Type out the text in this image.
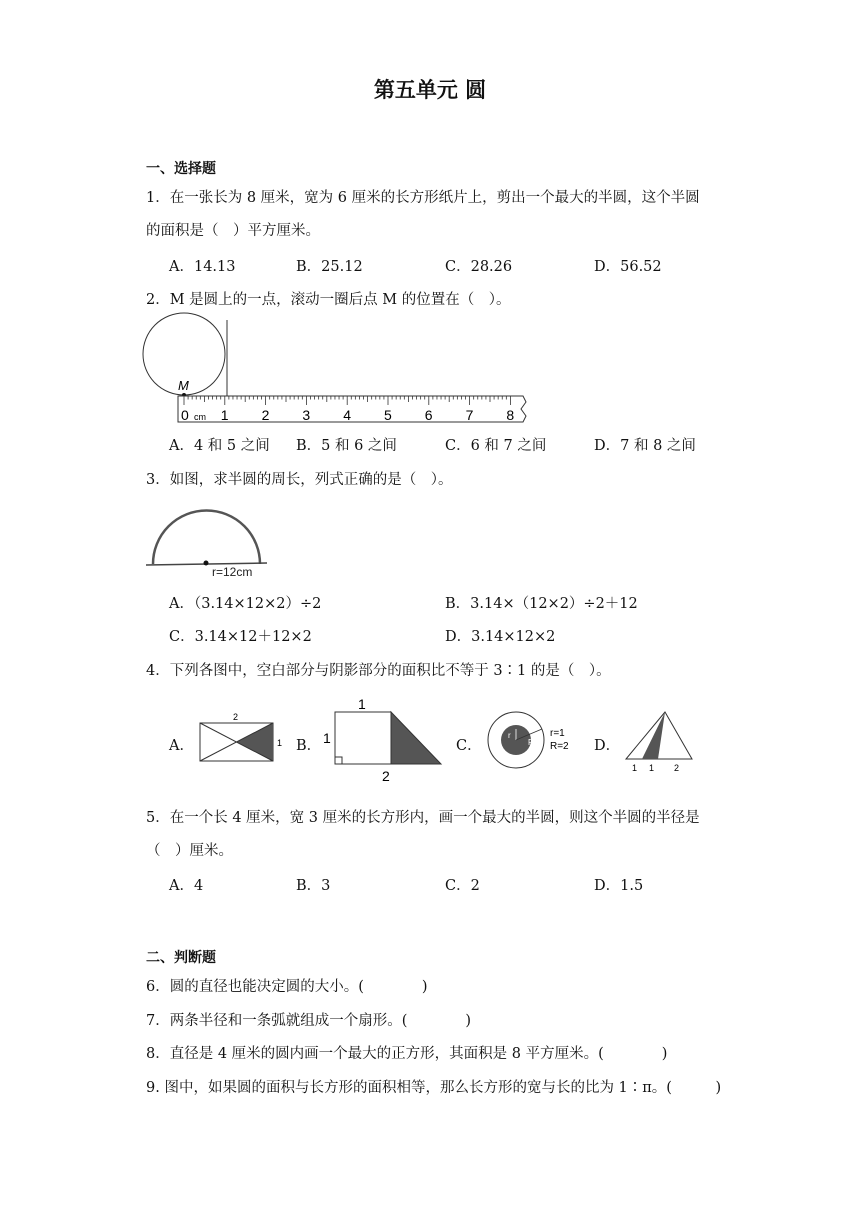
第五单元 圆
一、选择题
1．在一张长为 8 厘米，宽为 6 厘米的长方形纸片上，剪出一个最大的半圆，这个半圆
的面积是（　）平方厘米。
A．14.13	B．25.12	C．28.26	D．56.52
2．M 是圆上的一点，滚动一圈后点 M 的位置在（　）。
M
cm
0 1 2 3 4 5 6 7 8
A．4 和 5 之间 B．5 和 6 之间	C．6 和 7 之间	D．7 和 8 之间
3．如图，求半圆的周长，列式正确的是（　）。
r=12cm
A．（3.14×12×2）÷2	B．3.14×（12×2）÷2＋12
C．3.14×12＋12×2	D．3.14×12×2
4．下列各图中，空白部分与阴影部分的面积比不等于 3∶1 的是（　）。
A．
2
1 B．
1
1
2
C．
r
R
r=1
R=2 D．
1 1 2
5．在一个长 4 厘米，宽 3 厘米的长方形内，画一个最大的半圆，则这个半圆的半径是
（　）厘米。
A．4	B．3	C．2	D．1.5
二、判断题
6．圆的直径也能决定圆的大小。(　　　　)
7．两条半径和一条弧就组成一个扇形。(　　　　)
8．直径是 4 厘米的圆内画一个最大的正方形，其面积是 8 平方厘米。(　　　　)
9. 图中，如果圆的面积与长方形的面积相等，那么长方形的宽与长的比为 1∶π。(　　　)
